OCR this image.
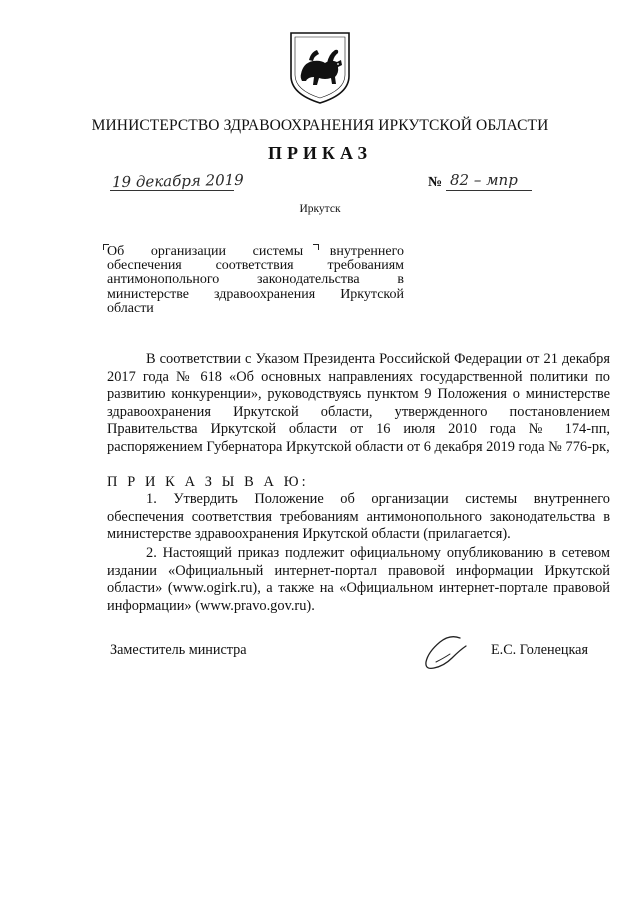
МИНИСТЕРСТВО ЗДРАВООХРАНЕНИЯ ИРКУТСКОЙ ОБЛАСТИ
ПРИКАЗ
19 декабря 2019	№ 82 – мпр
Иркутск
Об организации системы внутреннего обеспечения соответствия требованиям антимонопольного законодательства в министерстве здравоохранения Иркутской области
В соответствии с Указом Президента Российской Федерации от 21 декабря 2017 года № 618 «Об основных направлениях государственной политики по развитию конкуренции», руководствуясь пунктом 9 Положения о министерстве здравоохранения Иркутской области, утвержденного постановлением Правительства Иркутской области от 16 июля 2010 года № 174-пп, распоряжением Губернатора Иркутской области от 6 декабря 2019 года № 776-рк,
П Р И К А З Ы В А Ю:
1. Утвердить Положение об организации системы внутреннего обеспечения соответствия требованиям антимонопольного законодательства в министерстве здравоохранения Иркутской области (прилагается).
2. Настоящий приказ подлежит официальному опубликованию в сетевом издании «Официальный интернет-портал правовой информации Иркутской области» (www.ogirk.ru), а также на «Официальном интернет-портале правовой информации» (www.pravo.gov.ru).
Заместитель министра	Е.С. Голенецкая
